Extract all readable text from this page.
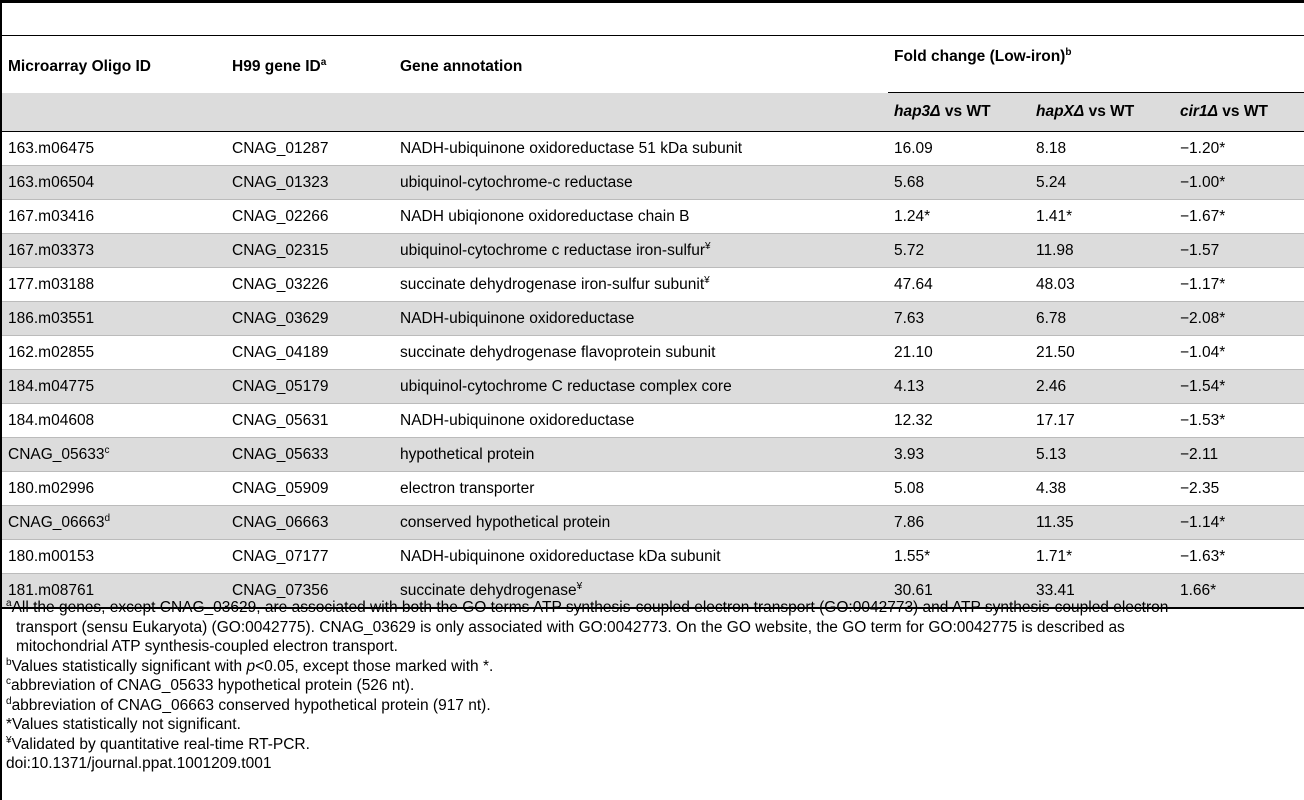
Microarray Oligo ID	H99 gene $ID^a$	Gene annotation	Fold change (Low-iron)$^b$
			hap3Δ vs WT	hapXΔ vs WT	cir1Δ vs WT
163.m06475	CNAG_01287	NADH-ubiquinone oxidoreductase 51 kDa subunit	16.09	8.18	−1.20*
163.m06504	CNAG_01323	ubiquinol-cytochrome-c reductase	5.68	5.24	−1.00*
167.m03416	CNAG_02266	NADH ubiqionone oxidoreductase chain B	1.24*	1.41*	−1.67*
167.m03373	CNAG_02315	ubiquinol-cytochrome c reductase iron-sulfur¥	5.72	11.98	−1.57
177.m03188	CNAG_03226	succinate dehydrogenase iron-sulfur subunit¥	47.64	48.03	−1.17*
186.m03551	CNAG_03629	NADH-ubiquinone oxidoreductase	7.63	6.78	−2.08*
162.m02855	CNAG_04189	succinate dehydrogenase flavoprotein subunit	21.10	21.50	−1.04*
184.m04775	CNAG_05179	ubiquinol-cytochrome C reductase complex core	4.13	2.46	−1.54*
184.m04608	CNAG_05631	NADH-ubiquinone oxidoreductase	12.32	17.17	−1.53*
CNAG_05633$^c$	CNAG_05633	hypothetical protein	3.93	5.13	−2.11
180.m02996	CNAG_05909	electron transporter	5.08	4.38	−2.35
CNAG_06663$^d$	CNAG_06663	conserved hypothetical protein	7.86	11.35	−1.14*
180.m00153	CNAG_07177	NADH-ubiquinone oxidoreductase kDa subunit	1.55*	1.71*	−1.63*
181.m08761	CNAG_07356	succinate dehydrogenase¥	30.61	33.41	1.66*

$^a$All the genes, except CNAG_03629, are associated with both the GO terms ATP synthesis-coupled electron transport (GO:0042773) and ATP synthesis-coupled electron

transport (sensu Eukaryota) (GO:0042775). CNAG_03629 is only associated with GO:0042773. On the GO website, the GO term for GO:0042775 is described as

mitochondrial ATP synthesis-coupled electron transport.

$^b$Values statistically significant with p<0.05, except those marked with *.

$^c$abbreviation of CNAG_05633 hypothetical protein (526 nt).

$^d$abbreviation of CNAG_06663 conserved hypothetical protein (917 nt).

*Values statistically not significant.

¥Validated by quantitative real-time RT-PCR.

doi:10.1371/journal.ppat.1001209.t001
